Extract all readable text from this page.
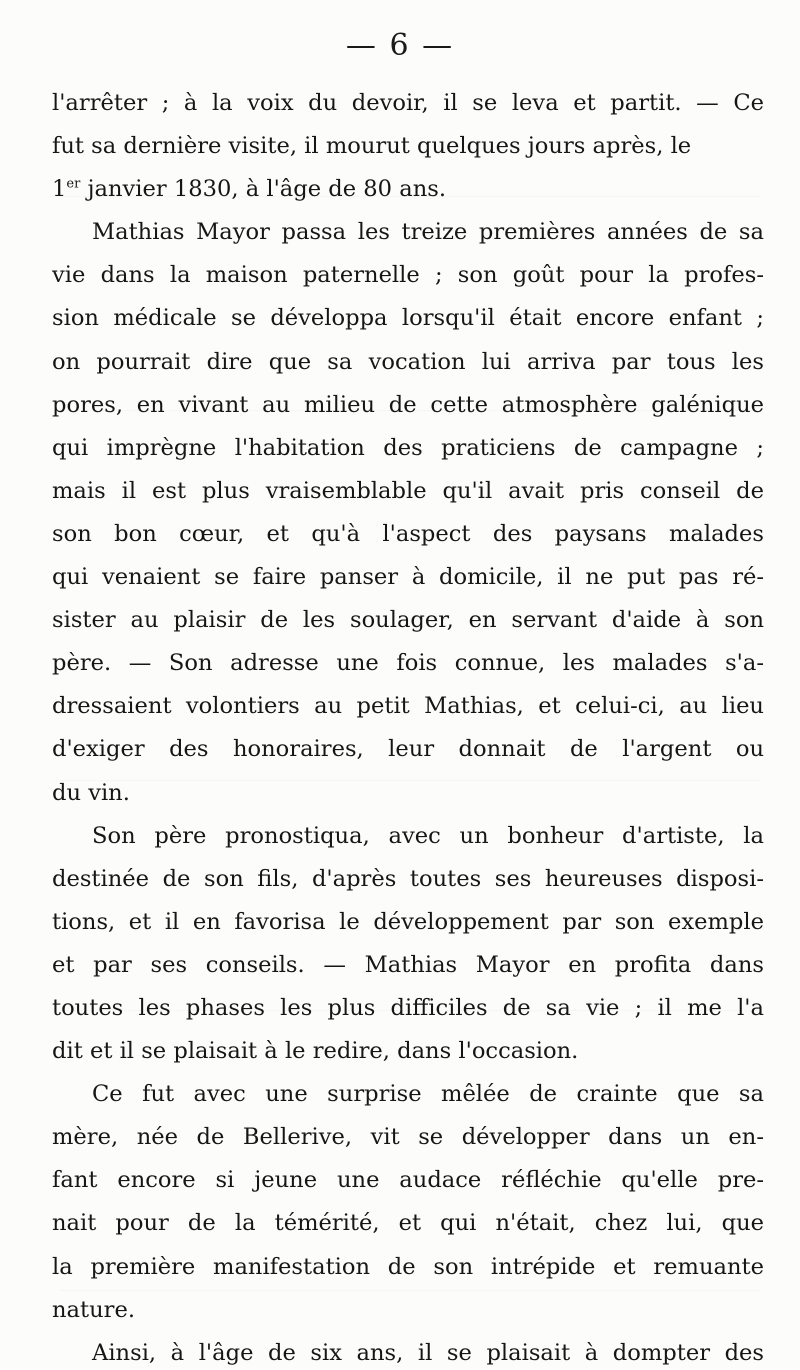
— 6 —
l'arrêter ; à la voix du devoir, il se leva et partit. — Ce
fut sa dernière visite, il mourut quelques jours après, le
1er janvier 1830, à l'âge de 80 ans.
Mathias Mayor passa les treize premières années de sa
vie dans la maison paternelle ; son goût pour la profes-
sion médicale se développa lorsqu'il était encore enfant ;
on pourrait dire que sa vocation lui arriva par tous les
pores, en vivant au milieu de cette atmosphère galénique
qui imprègne l'habitation des praticiens de campagne ;
mais il est plus vraisemblable qu'il avait pris conseil de
son bon cœur, et qu'à l'aspect des paysans malades
qui venaient se faire panser à domicile, il ne put pas ré-
sister au plaisir de les soulager, en servant d'aide à son
père. — Son adresse une fois connue, les malades s'a-
dressaient volontiers au petit Mathias, et celui-ci, au lieu
d'exiger des honoraires, leur donnait de l'argent ou
du vin.
Son père pronostiqua, avec un bonheur d'artiste, la
destinée de son fils, d'après toutes ses heureuses disposi-
tions, et il en favorisa le développement par son exemple
et par ses conseils. — Mathias Mayor en profita dans
toutes les phases les plus difficiles de sa vie ; il me l'a
dit et il se plaisait à le redire, dans l'occasion.
Ce fut avec une surprise mêlée de crainte que sa
mère, née de Bellerive, vit se développer dans un en-
fant encore si jeune une audace réfléchie qu'elle pre-
nait pour de la témérité, et qui n'était, chez lui, que
la première manifestation de son intrépide et remuante
nature.
Ainsi, à l'âge de six ans, il se plaisait à dompter des
